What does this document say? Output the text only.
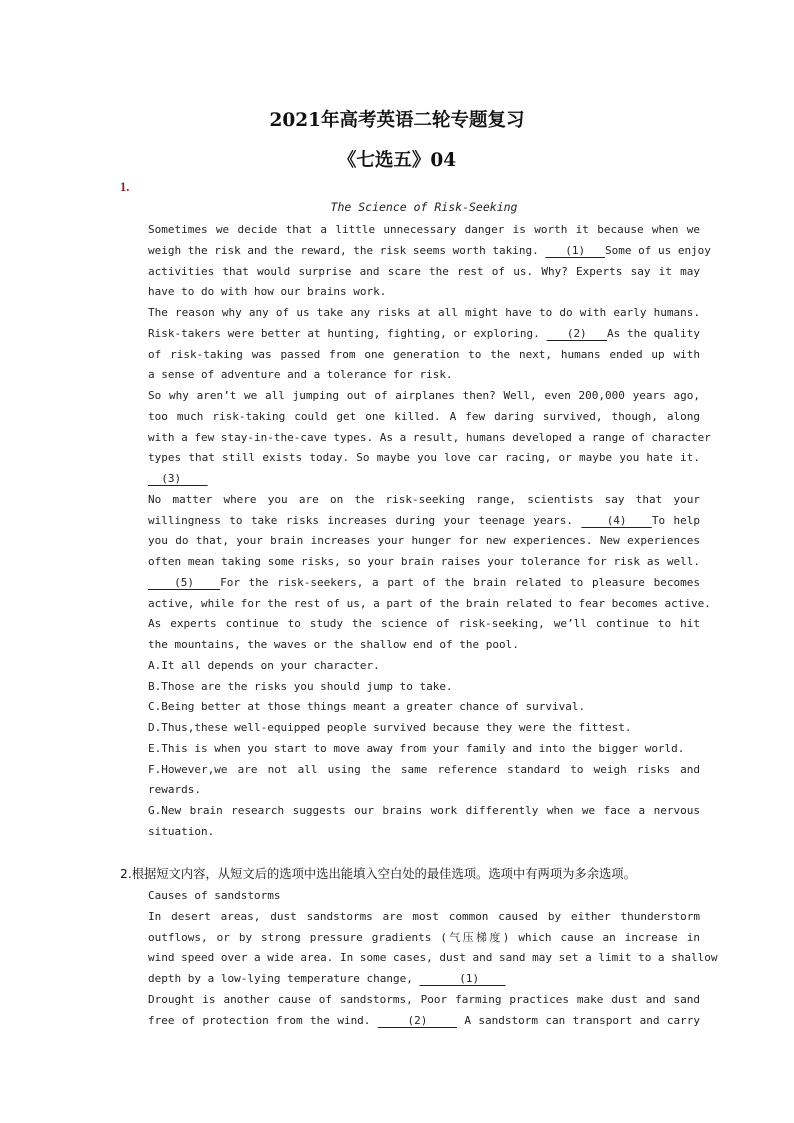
2021年高考英语二轮专题复习
《七选五》04
1.
The Science of Risk-Seeking
Sometimes we decide that a little unnecessary danger is worth it because when we
weigh the risk and the reward, the risk seems worth taking.    (1)   Some of us enjoy
activities that would surprise and scare the rest of us. Why? Experts say it may
have to do with how our brains work.
The reason why any of us take any risks at all might have to do with early humans.
Risk-takers were better at hunting, fighting, or exploring.    (2)   As the quality
of risk-taking was passed from one generation to the next, humans ended up with
a sense of adventure and a tolerance for risk.
So why aren’t we all jumping out of airplanes then? Well, even 200,000 years ago,
too much risk-taking could get one killed. A few daring survived, though, along
with a few stay-in-the-cave types. As a result, humans developed a range of character
types that still exists today. So maybe you love car racing, or maybe you hate it.
(3)
No matter where you are on the risk-seeking range, scientists say that your
willingness to take risks increases during your teenage years.    (4)   To help
you do that, your brain increases your hunger for new experiences. New experiences
often mean taking some risks, so your brain raises your tolerance for risk as well.
(5)   For the risk-seekers, a part of the brain related to pleasure becomes
active, while for the rest of us, a part of the brain related to fear becomes active.
As experts continue to study the science of risk-seeking, we’ll continue to hit
the mountains, the waves or the shallow end of the pool.
A.It all depends on your character.
B.Those are the risks you should jump to take.
C.Being better at those things meant a greater chance of survival.
D.Thus,these well-equipped people survived because they were the fittest.
E.This is when you start to move away from your family and into the bigger world.
F.However,we are not all using the same reference standard to weigh risks and
rewards.
G.New brain research suggests our brains work differently when we face a nervous
situation.
2.根据短文内容，从短文后的选项中选出能填入空白处的最佳选项。选项中有两项为多余选项。
Causes of sandstorms
In desert areas, dust sandstorms are most common caused by either thunderstorm
outflows, or by strong pressure gradients (气压梯度) which cause an increase in
wind speed over a wide area. In some cases, dust and sand may set a limit to a shallow
depth by a low-lying temperature change,       (1)
Drought is another cause of sandstorms, Poor farming practices make dust and sand
free of protection from the wind.     (2)     A sandstorm can transport and carry
